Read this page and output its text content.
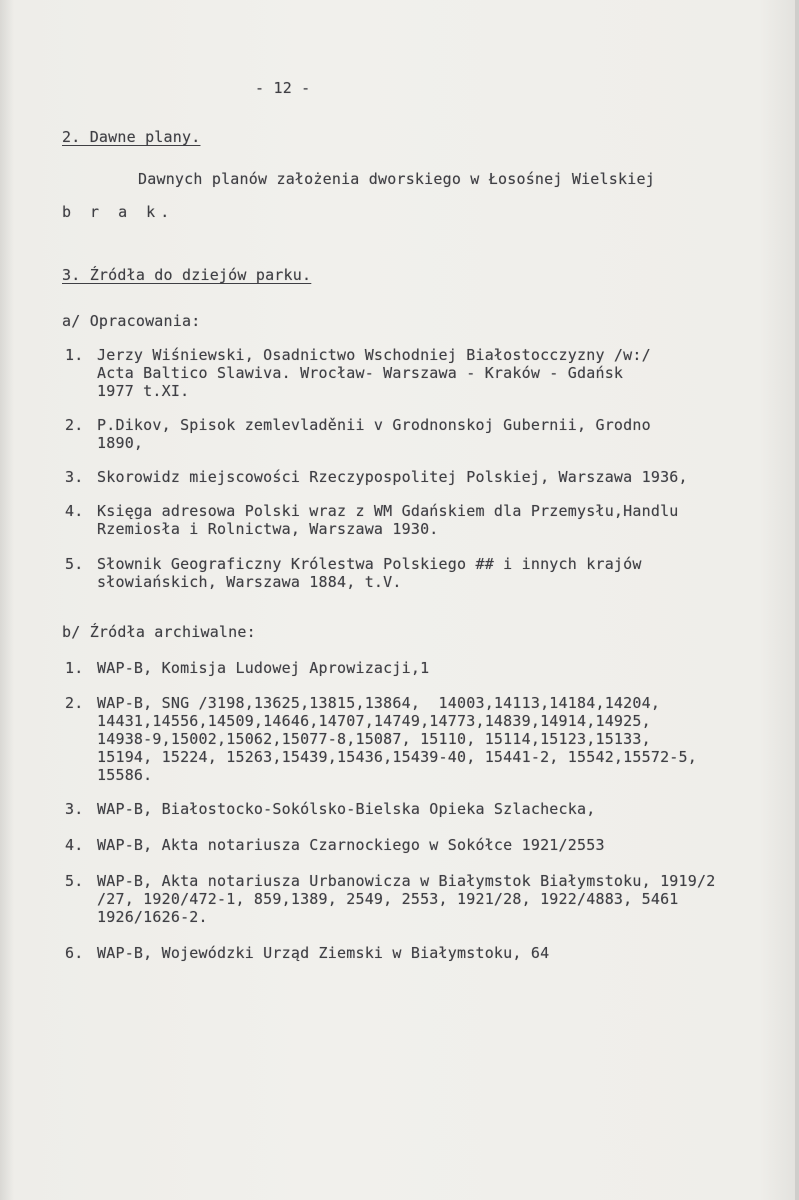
- 12 -
2. Dawne plany.
Dawnych planów założenia dworskiego w Łosośnej Wielskiej
b r a k.
3. Źródła do dziejów parku.
a/ Opracowania:
1. Jerzy Wiśniewski, Osadnictwo Wschodniej Białostocczyzny /w:/
Acta Baltico Slawiva. Wrocław- Warszawa - Kraków - Gdańsk
1977 t.XI.
2. P.Dikov, Spisok zemlevladěnii v Grodnonskoj Gubernii, Grodno
1890,
3. Skorowidz miejscowości Rzeczypospolitej Polskiej, Warszawa 1936,
4. Księga adresowa Polski wraz z WM Gdańskiem dla Przemysłu,Handlu
Rzemiosła i Rolnictwa, Warszawa 1930.
5. Słownik Geograficzny Królestwa Polskiego ## i innych krajów
słowiańskich, Warszawa 1884, t.V.
b/ Źródła archiwalne:
1. WAP-B, Komisja Ludowej Aprowizacji,1
2. WAP-B, SNG /3198,13625,13815,13864,  14003,14113,14184,14204,
14431,14556,14509,14646,14707,14749,14773,14839,14914,14925,
14938-9,15002,15062,15077-8,15087, 15110, 15114,15123,15133,
15194, 15224, 15263,15439,15436,15439-40, 15441-2, 15542,15572-5,
15586.
3. WAP-B, Białostocko-Sokólsko-Bielska Opieka Szlachecka,
4. WAP-B, Akta notariusza Czarnockiego w Sokółce 1921/2553
5. WAP-B, Akta notariusza Urbanowicza w Białymstok Białymstoku, 1919/2
/27, 1920/472-1, 859,1389, 2549, 2553, 1921/28, 1922/4883, 5461
1926/1626-2.
6. WAP-B, Wojewódzki Urząd Ziemski w Białymstoku, 64
